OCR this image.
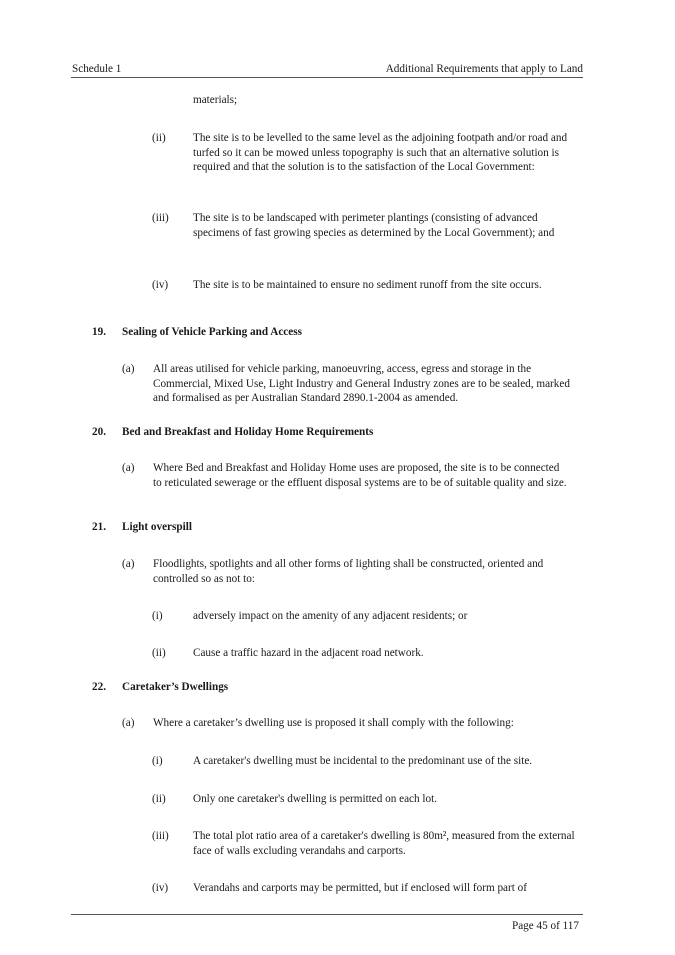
Schedule 1	Additional Requirements that apply to Land
materials;
(ii) The site is to be levelled to the same level as the adjoining footpath and/or road and turfed so it can be mowed unless topography is such that an alternative solution is required and that the solution is to the satisfaction of the Local Government:
(iii) The site is to be landscaped with perimeter plantings (consisting of advanced specimens of fast growing species as determined by the Local Government); and
(iv) The site is to be maintained to ensure no sediment runoff from the site occurs.
19. Sealing of Vehicle Parking and Access
(a) All areas utilised for vehicle parking, manoeuvring, access, egress and storage in the Commercial, Mixed Use, Light Industry and General Industry zones are to be sealed, marked and formalised as per Australian Standard 2890.1-2004 as amended.
20. Bed and Breakfast and Holiday Home Requirements
(a) Where Bed and Breakfast and Holiday Home uses are proposed, the site is to be connected to reticulated sewerage or the effluent disposal systems are to be of suitable quality and size.
21. Light overspill
(a) Floodlights, spotlights and all other forms of lighting shall be constructed, oriented and controlled so as not to:
(i)	adversely impact on the amenity of any adjacent residents; or
(ii) Cause a traffic hazard in the adjacent road network.
22. Caretaker’s Dwellings
(a) Where a caretaker’s dwelling use is proposed it shall comply with the following:
(i)	A caretaker's dwelling must be incidental to the predominant use of the site.
(ii) Only one caretaker's dwelling is permitted on each lot.
(iii) The total plot ratio area of a caretaker's dwelling is 80m², measured from the external face of walls excluding verandahs and carports.
(iv) Verandahs and carports may be permitted, but if enclosed will form part of
Page 45 of 117
